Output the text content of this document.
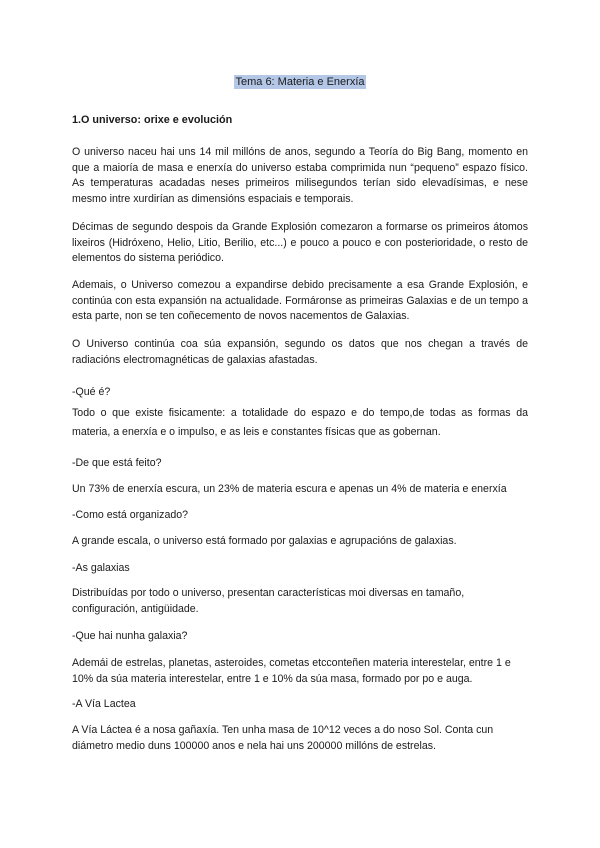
Tema 6: Materia e Enerxía

1.O universo: orixe e evolución

O universo naceu hai uns 14 mil millóns de anos, segundo a Teoría do Big Bang, momento en que a maioría de masa e enerxía do universo estaba comprimida nun “pequeno” espazo físico. As temperaturas acadadas neses primeiros milisegundos terían sido elevadísimas, e nese mesmo intre xurdirían as dimensións espaciais e temporais.

Décimas de segundo despois da Grande Explosión comezaron a formarse os primeiros átomos lixeiros (Hidróxeno, Helio, Litio, Berilio, etc...) e pouco a pouco e con posterioridade, o resto de elementos do sistema periódico.

Ademais, o Universo comezou a expandirse debido precisamente a esa Grande Explosión, e continúa con esta expansión na actualidade. Formáronse as primeiras Galaxias e de un tempo a esta parte, non se ten coñecemento de novos nacementos de Galaxias.

O Universo continúa coa súa expansión, segundo os datos que nos chegan a través de radiacións electromagnéticas de galaxias afastadas.

-Qué é?

Todo o que existe fisicamente: a totalidade do espazo e do tempo,de todas as formas da materia, a enerxía e o impulso, e as leis e constantes físicas que as gobernan.

-De que está feito?

Un 73% de enerxía escura, un 23% de materia escura e apenas un 4% de materia e enerxía

-Como está organizado?

A grande escala, o universo está formado por galaxias e agrupacións de galaxias.

-As galaxias

Distribuídas por todo o universo, presentan características moi diversas en tamaño, configuración, antigüidade.

-Que hai nunha galaxia?

Ademái de estrelas, planetas, asteroides, cometas etcconteñen materia interestelar, entre 1 e 10% da súa materia interestelar, entre 1 e 10% da súa masa, formado por po e auga.

-A Vía Lactea

A Vía Láctea é a nosa gañaxía. Ten unha masa de 10^12 veces a do noso Sol. Conta cun diámetro medio duns 100000 anos e nela hai uns 200000 millóns de estrelas.
